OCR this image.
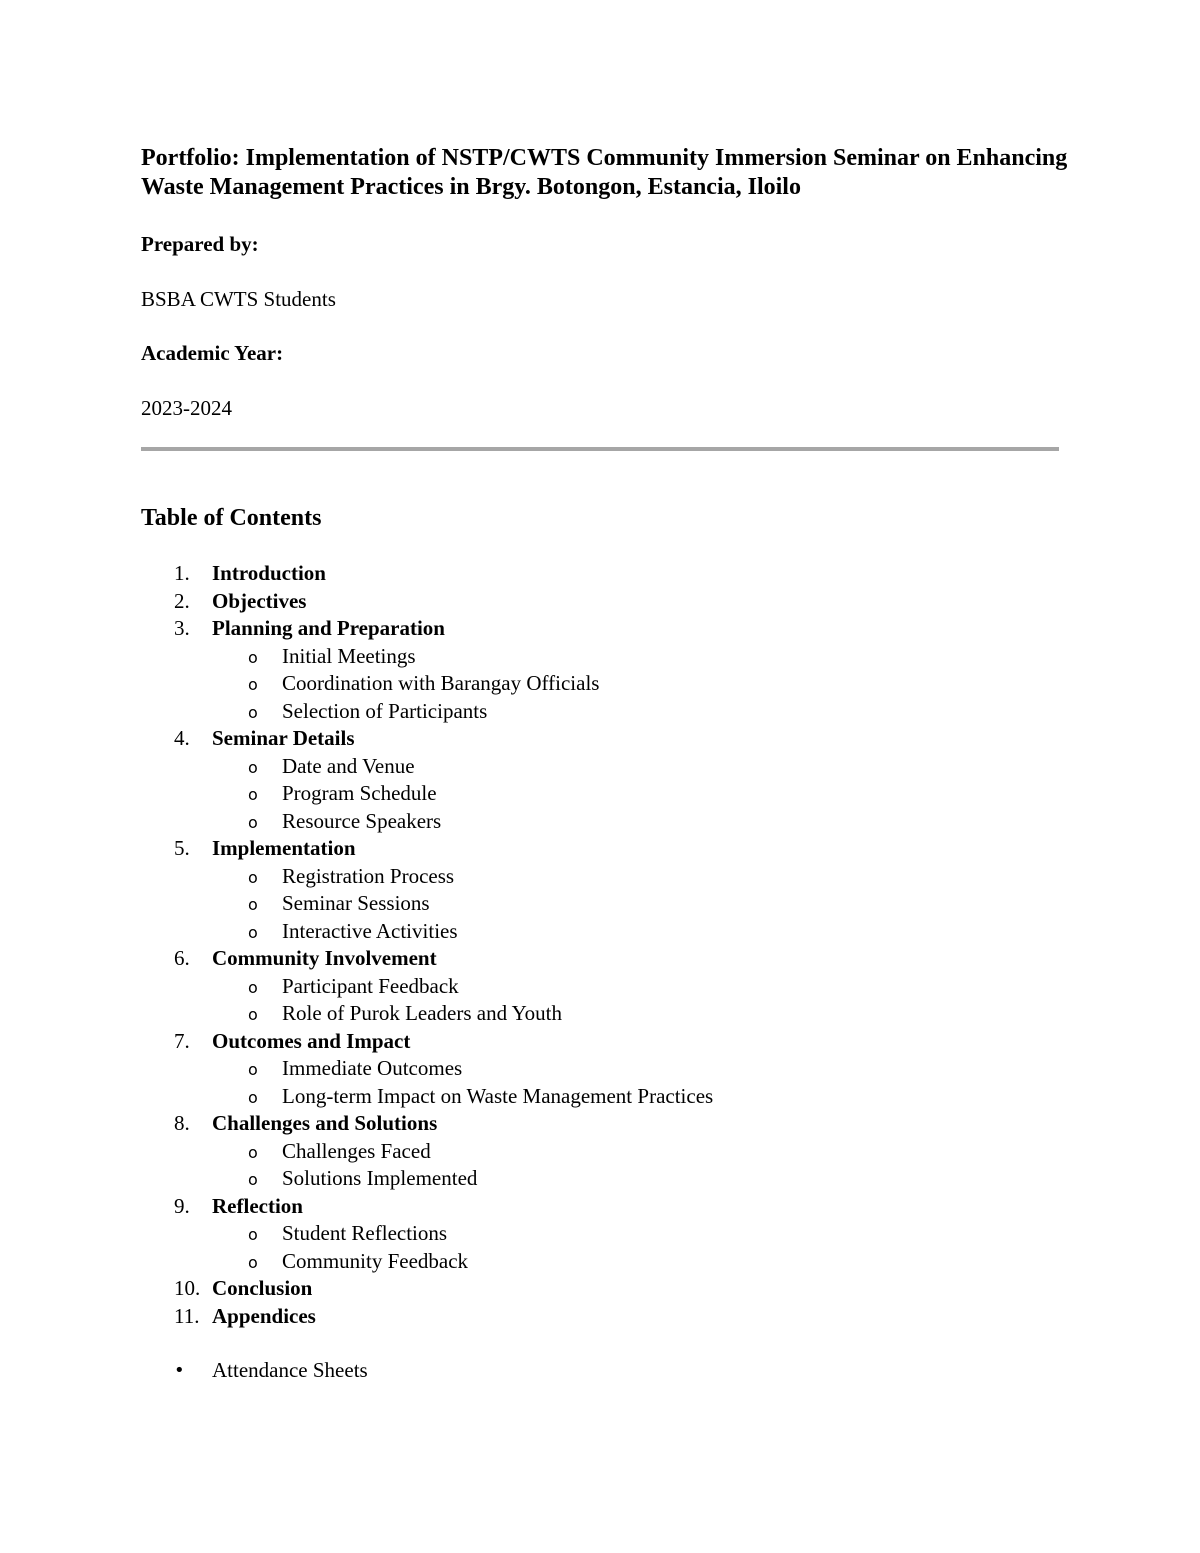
Portfolio: Implementation of NSTP/CWTS Community Immersion Seminar on Enhancing Waste Management Practices in Brgy. Botongon, Estancia, Iloilo

Prepared by:

BSBA CWTS Students

Academic Year:

2023-2024

Table of Contents
1. Introduction
2. Objectives
3. Planning and Preparation
o Initial Meetings
o Coordination with Barangay Officials
o Selection of Participants
4. Seminar Details
o Date and Venue
o Program Schedule
o Resource Speakers
5. Implementation
o Registration Process
o Seminar Sessions
o Interactive Activities
6. Community Involvement
o Participant Feedback
o Role of Purok Leaders and Youth
7. Outcomes and Impact
o Immediate Outcomes
o Long-term Impact on Waste Management Practices
8. Challenges and Solutions
o Challenges Faced
o Solutions Implemented
9. Reflection
o Student Reflections
o Community Feedback
10. Conclusion
11. Appendices
• Attendance Sheets
